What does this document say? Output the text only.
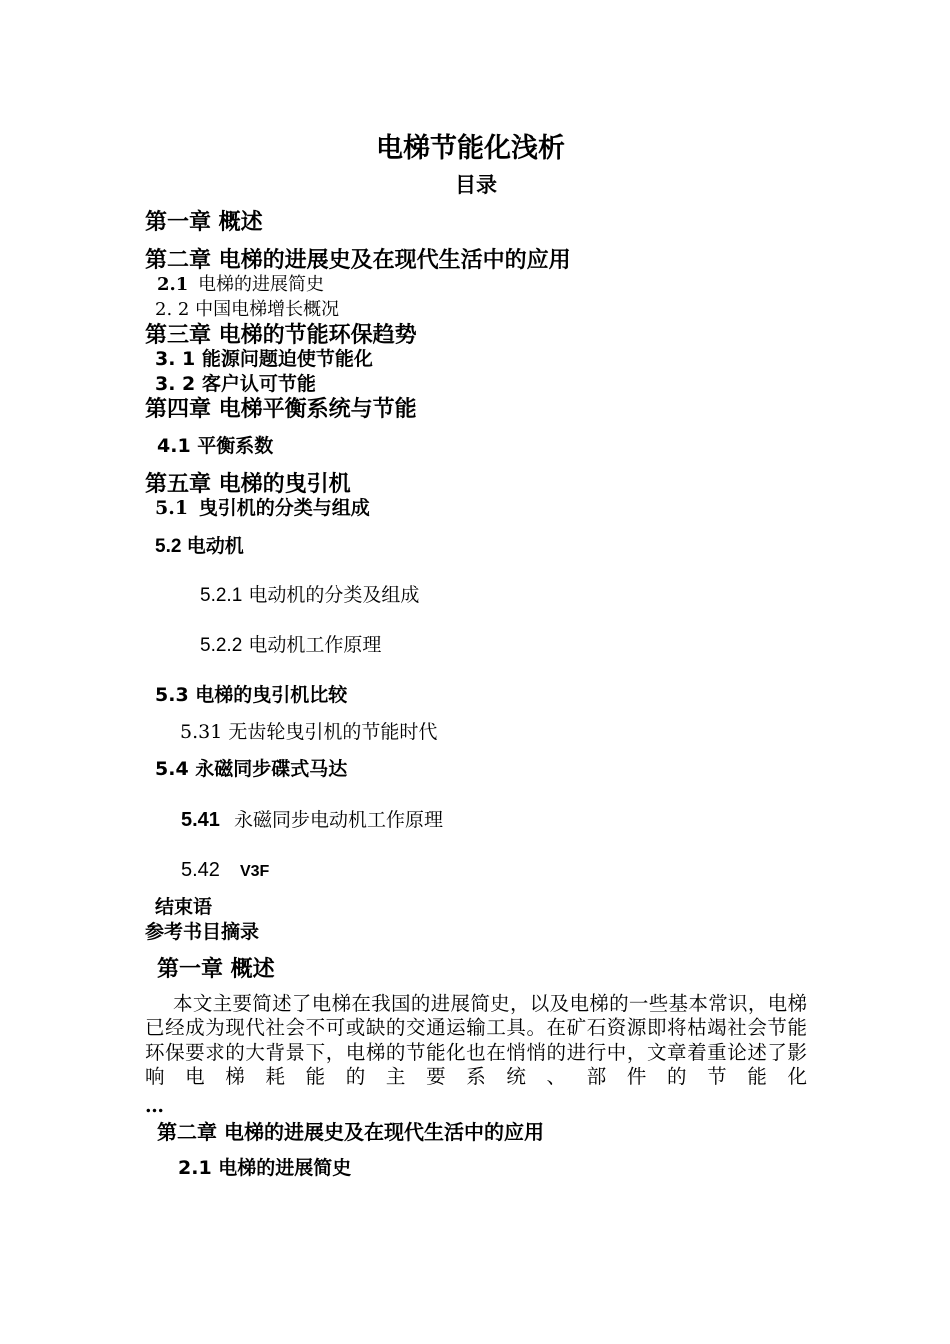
电梯节能化浅析
目录
第一章 概述
第二章 电梯的进展史及在现代生活中的应用
2.1 电梯的进展简史
2. 2 中国电梯增长概况
第三章 电梯的节能环保趋势
3. 1 能源问题迫使节能化
3. 2 客户认可节能
第四章 电梯平衡系统与节能
4.1 平衡系数
第五章 电梯的曳引机
5.1 曳引机的分类与组成
5.2 电动机
5.2.1 电动机的分类及组成
5.2.2 电动机工作原理
5.3 电梯的曳引机比较
5.31 无齿轮曳引机的节能时代
5.4 永磁同步碟式马达
5.41 永磁同步电动机工作原理
5.42 V3F
结束语
参考书目摘录
第一章 概述

本文主要简述了电梯在我国的进展简史，以及电梯的一些基本常识，电梯已经成为现代社会不可或缺的交通运输工具。在矿石资源即将枯竭社会节能环保要求的大背景下，电梯的节能化也在悄悄的进行中，文章着重论述了影响电梯耗能的主要系统、部件的节能化

…
第二章 电梯的进展史及在现代生活中的应用
2.1 电梯的进展简史
